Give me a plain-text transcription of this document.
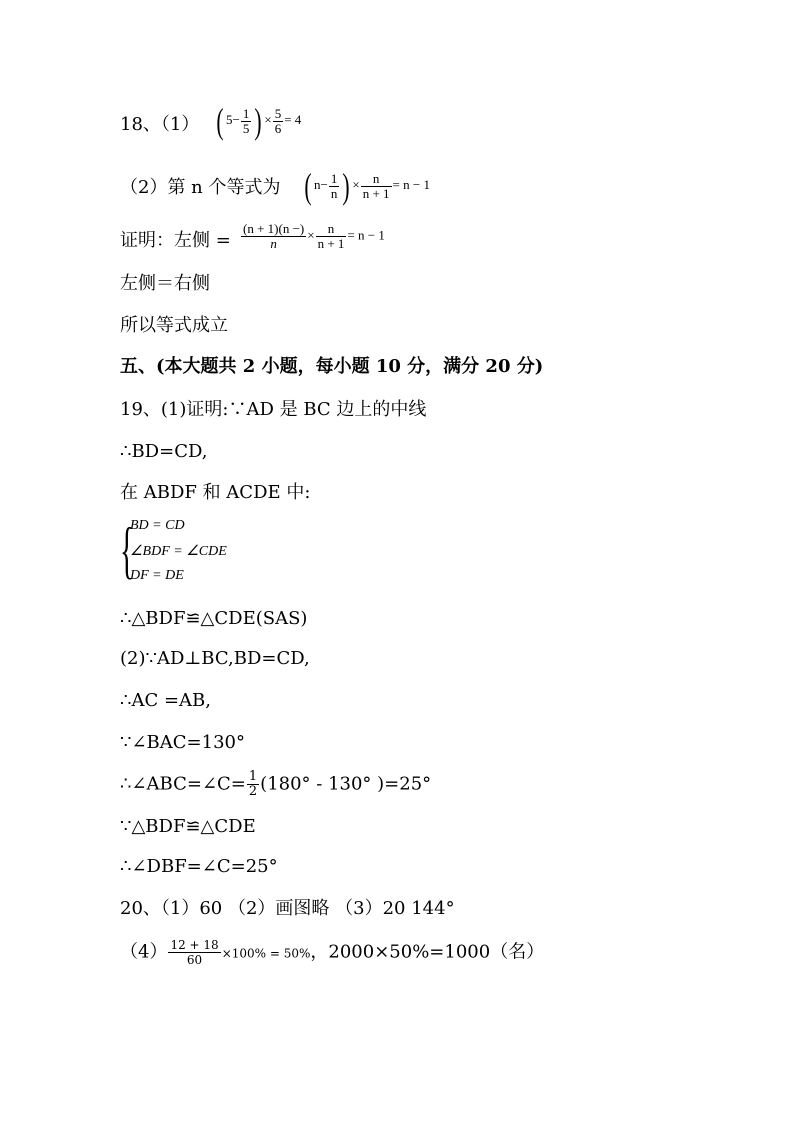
18、（1） ( $5- \frac{1}{5}$ ) × $\frac{5}{6} = 4$
（2）第 n 个等式为 ( $n- \frac{1}{n}$ ) × $\frac{n}{n + 1} = n - 1$
证明：左侧 = $\frac{(n + 1)(n -)}{n} \times \frac{n}{n + 1} = n - 1$
左侧＝右侧
所以等式成立
五、(本大题共 2 小题，每小题 10 分，满分 20 分)
19、(1)证明:∵AD 是 BC 边上的中线
∴BD=CD,
在 ABDF 和 ACDE 中:
{
BD = CD
∠BDF = ∠CDE
DF = DE
∴△BDF≌△CDE(SAS)
(2)∵AD⊥BC,BD=CD,
∴AC =AB,
∵∠BAC=130°
∴∠ABC=∠C= $\frac{1}{2} (180^\circ - 130^\circ$ )=25°
∵△BDF≌△CDE
∴∠DBF=∠C=25°
20、（1）60 （2）画图略 （3）20 144°
$(4) \frac{12 + 18}{60} \times 100\% = 50\%$，2000×50%=1000（名）
